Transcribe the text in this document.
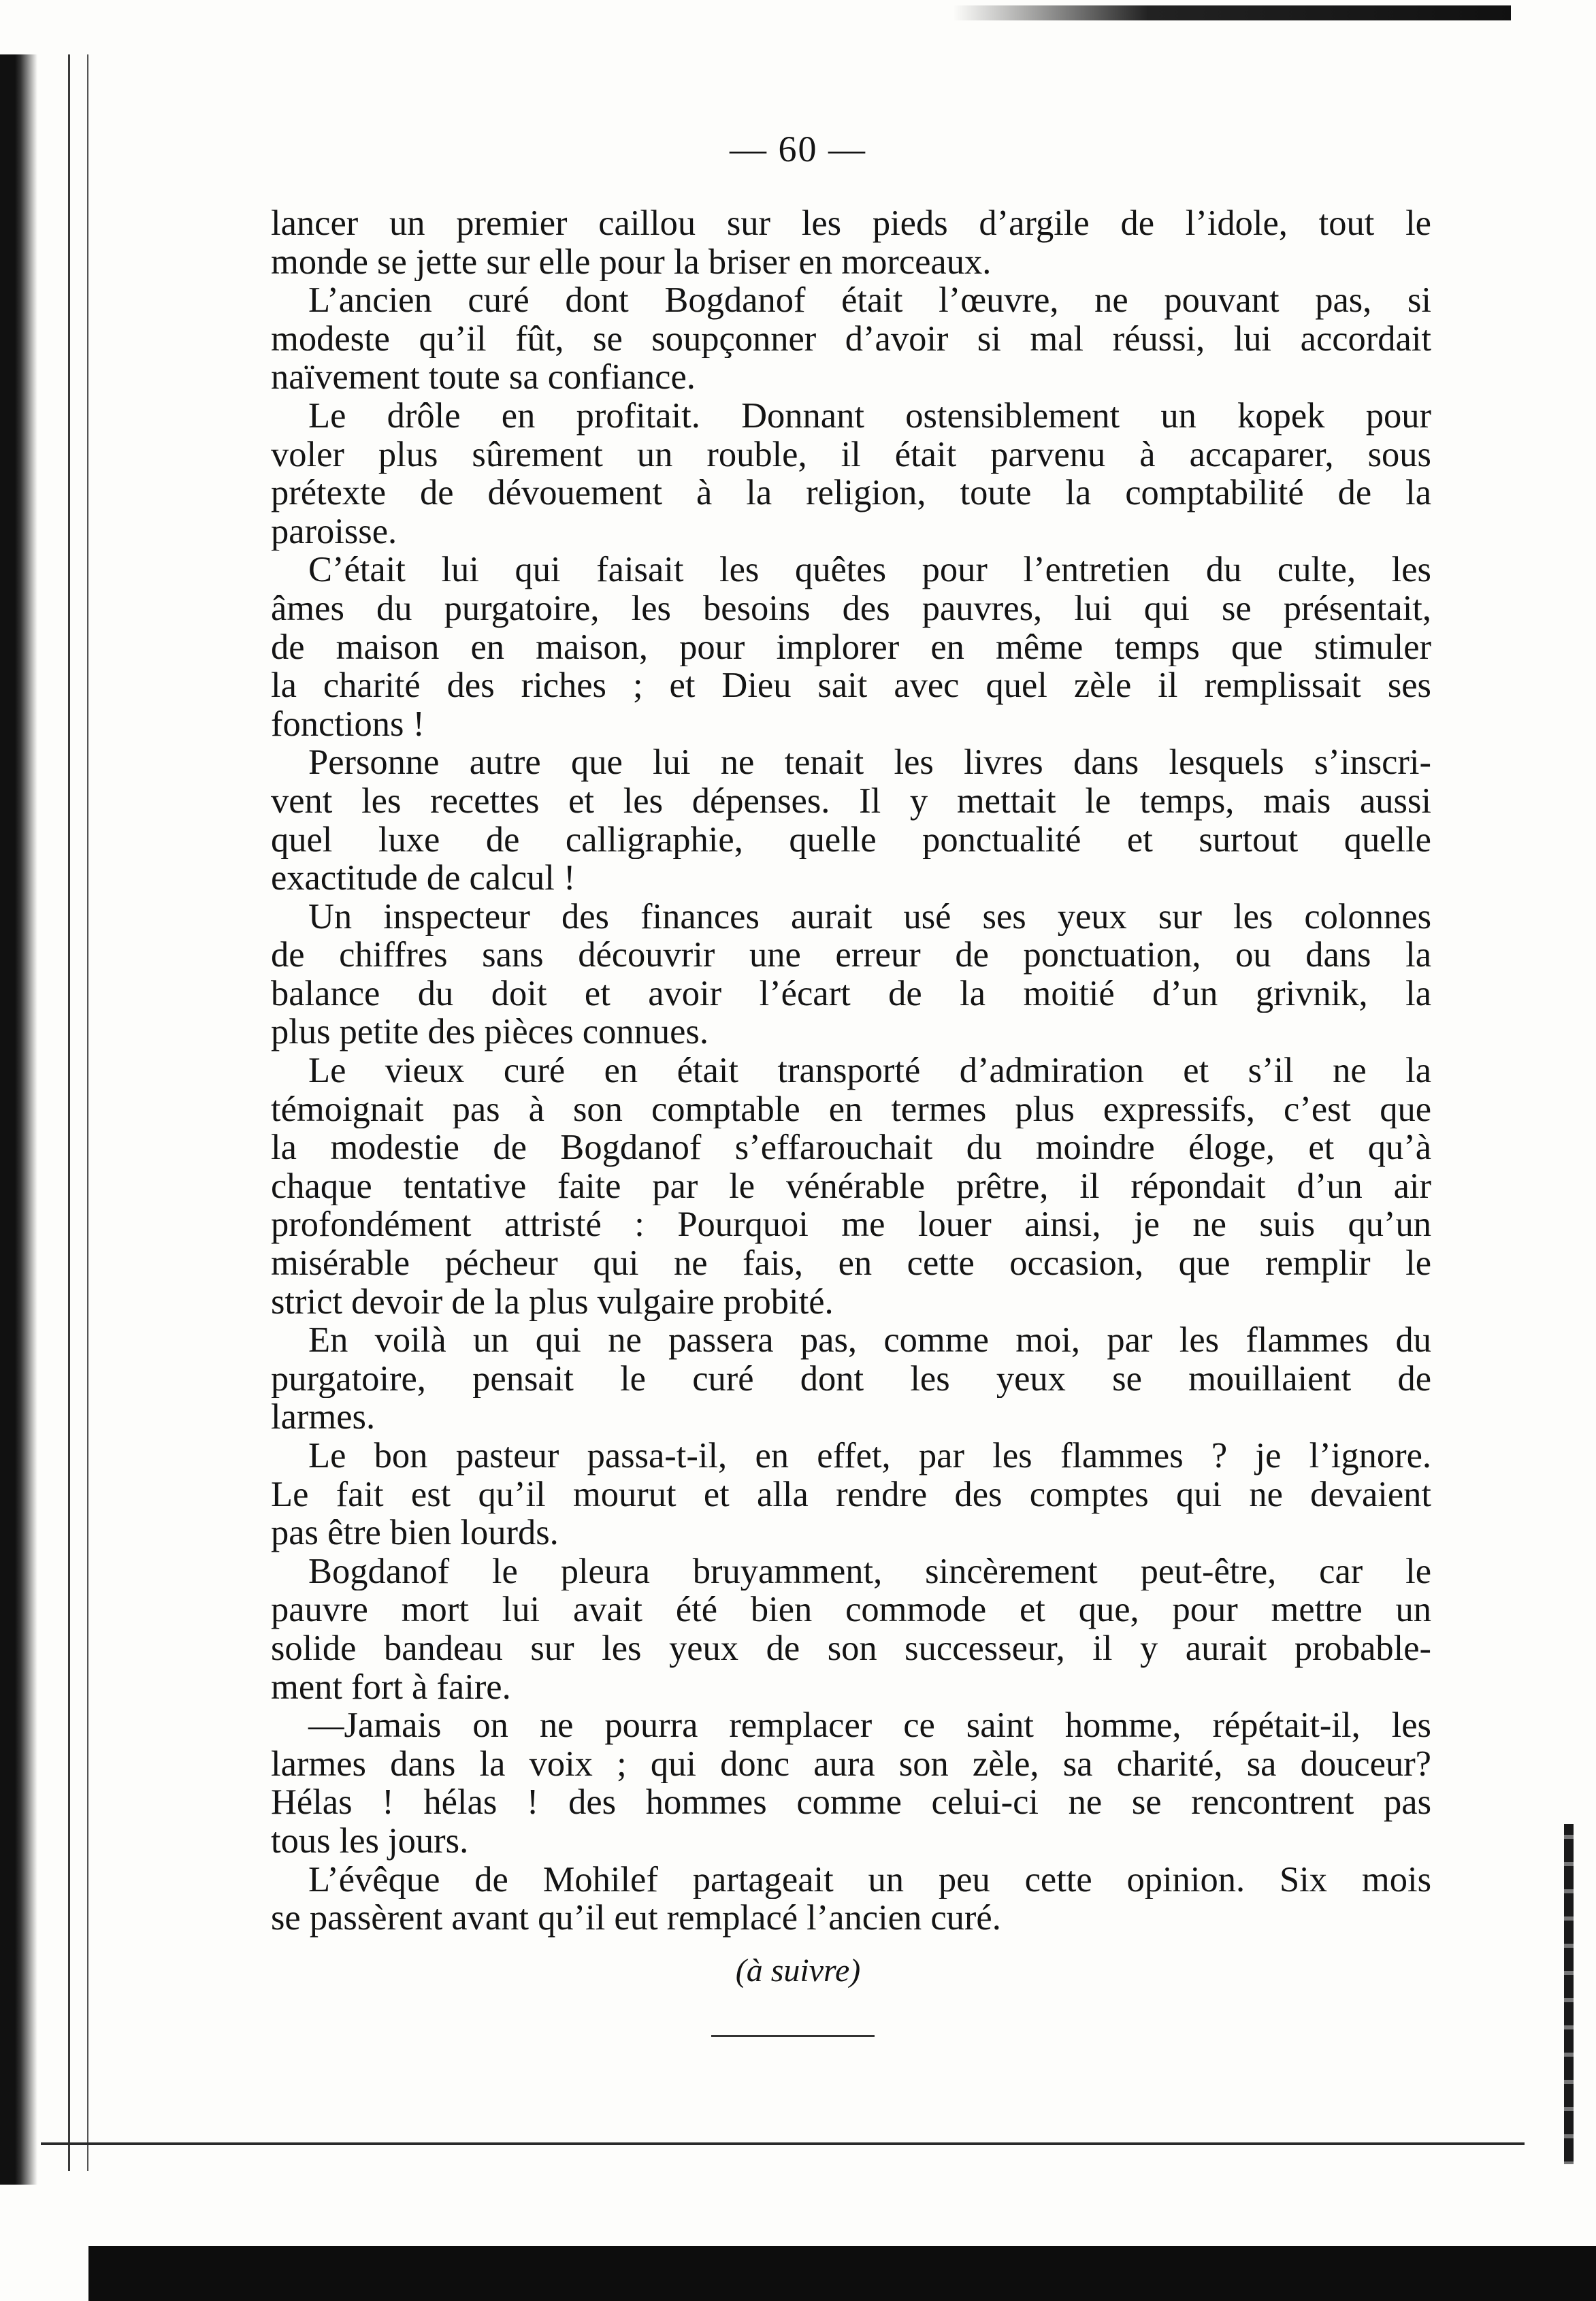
— 60 —
lancer un premier caillou sur les pieds d’argile de l’idole, tout le
monde se jette sur elle pour la briser en morceaux.
L’ancien curé dont Bogdanof était l’œuvre, ne pouvant pas, si
modeste qu’il fût, se soupçonner d’avoir si mal réussi, lui accordait
naïvement toute sa confiance.
Le drôle en profitait. Donnant ostensiblement un kopek pour
voler plus sûrement un rouble, il était parvenu à accaparer, sous
prétexte de dévouement à la religion, toute la comptabilité de la
paroisse.
C’était lui qui faisait les quêtes pour l’entretien du culte, les
âmes du purgatoire, les besoins des pauvres, lui qui se présentait,
de maison en maison, pour implorer en même temps que stimuler
la charité des riches ; et Dieu sait avec quel zèle il remplissait ses
fonctions !
Personne autre que lui ne tenait les livres dans lesquels s’inscri-
vent les recettes et les dépenses. Il y mettait le temps, mais aussi
quel luxe de calligraphie, quelle ponctualité et surtout quelle
exactitude de calcul !
Un inspecteur des finances aurait usé ses yeux sur les colonnes
de chiffres sans découvrir une erreur de ponctuation, ou dans la
balance du doit et avoir l’écart de la moitié d’un grivnik, la
plus petite des pièces connues.
Le vieux curé en était transporté d’admiration et s’il ne la
témoignait pas à son comptable en termes plus expressifs, c’est que
la modestie de Bogdanof s’effarouchait du moindre éloge, et qu’à
chaque tentative faite par le vénérable prêtre, il répondait d’un air
profondément attristé : Pourquoi me louer ainsi, je ne suis qu’un
misérable pécheur qui ne fais, en cette occasion, que remplir le
strict devoir de la plus vulgaire probité.
En voilà un qui ne passera pas, comme moi, par les flammes du
purgatoire, pensait le curé dont les yeux se mouillaient de
larmes.
Le bon pasteur passa-t-il, en effet, par les flammes ? je l’ignore.
Le fait est qu’il mourut et alla rendre des comptes qui ne devaient
pas être bien lourds.
Bogdanof le pleura bruyamment, sincèrement peut-être, car le
pauvre mort lui avait été bien commode et que, pour mettre un
solide bandeau sur les yeux de son successeur, il y aurait probable-
ment fort à faire.
—Jamais on ne pourra remplacer ce saint homme, répétait-il, les
larmes dans la voix ; qui donc aura son zèle, sa charité, sa douceur?
Hélas ! hélas ! des hommes comme celui-ci ne se rencontrent pas
tous les jours.
L’évêque de Mohilef partageait un peu cette opinion. Six mois
se passèrent avant qu’il eut remplacé l’ancien curé.
(à suivre)
